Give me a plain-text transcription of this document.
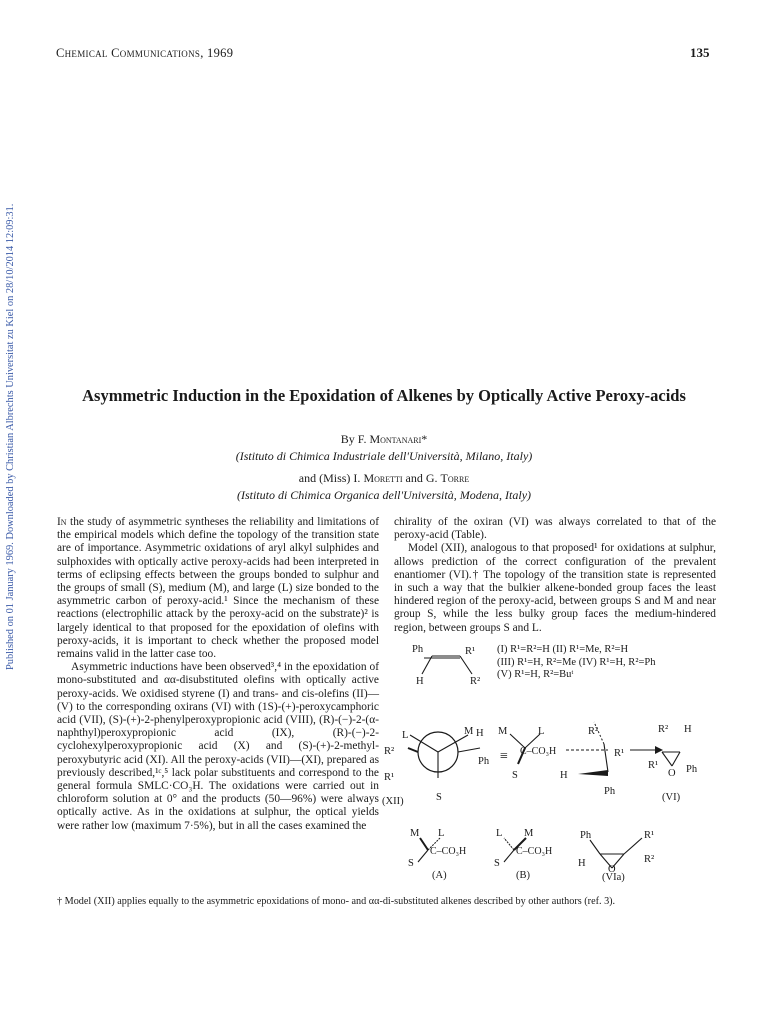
Chemical Communications, 1969	135
Published on 01 January 1969. Downloaded by Christian Albrechts Universitat zu Kiel on 28/10/2014 12:09:31.	Asymmetric Induction in the Epoxidation of Alkenes by Optically Active Peroxy-acids
By F. Montanari*
(Istituto di Chimica Industriale dell'Università, Milano, Italy)
and (Miss) I. Moretti and G. Torre
(Istituto di Chimica Organica dell'Università, Modena, Italy)

In the study of asymmetric syntheses the reliability and limitations of the empirical models which define the topology of the transition state are of importance. Asymmetric oxidations of aryl alkyl sulphides and sulphoxides with optically active peroxy-acids had been interpreted in terms of eclipsing effects between the groups bonded to sulphur and the groups of small (S), medium (M), and large (L) size bonded to the asymmetric carbon of peroxy-acid.¹ Since the mechanism of these reactions (electrophilic attack by the peroxy-acid on the substrate)² is largely identical to that proposed for the epoxidation of olefins with peroxy-acids, it is important to check whether the proposed model remains valid in the latter case too.

Asymmetric inductions have been observed³,⁴ in the epoxidation of mono-substituted and αα-disubstituted olefins with optically active peroxy-acids. We oxidised styrene (I) and trans- and cis-olefins (II)—(V) to the corresponding oxirans (VI) with (1S)-(+)-peroxycamphoric acid (VII), (S)-(+)-2-phenylperoxypropionic acid (VIII), (R)-(−)-2-(α-naphthyl)peroxypropionic acid (IX), (R)-(−)-2-cyclohexylperoxypropionic acid (X) and (S)-(+)-2-methyl-peroxybutyric acid (XI). All the peroxy-acids (VII)—(XI), prepared as previously described,¹ᶜ,⁵ lack polar substituents and correspond to the general formula SMLC·CO₃H. The oxidations were carried out in chloroform solution at 0° and the products (50—96%) were always optically active. As in the oxidations at sulphur, the optical yields were rather low (maximum 7·5%), but in all the cases examined the

chirality of the oxiran (VI) was always correlated to that of the peroxy-acid (Table).

Model (XII), analogous to that proposed¹ for oxidations at sulphur, allows prediction of the correct configuration of the prevalent enantiomer (VI).† The topology of the transition state is represented in such a way that the bulkier alkene-bonded group faces the least hindered region of the peroxy-acid, between groups S and M and near group S, while the less bulky group faces the medium-hindered region, between groups S and L.

Ph	R¹
H	R²
(I) R¹=R²=H (II) R¹=Me, R²=H
(III) R¹=H, R²=Me (IV) R¹=H, R²=Ph
(V) R¹=H, R²=Buᵗ
R²
L	M H
R¹
Ph
S
(XII)
≡
M	L
C–CO₃H
S	H
R²
R¹
Ph
R² H
R¹
O Ph
(VI)
M L
C–CO₃H
S
(A)
L M
C–CO₃H
S
(B)
Ph	R¹
H	R²
O
(VIa)
† Model (XII) applies equally to the asymmetric epoxidations of mono- and αα-di-substituted alkenes described by other authors (ref. 3).
